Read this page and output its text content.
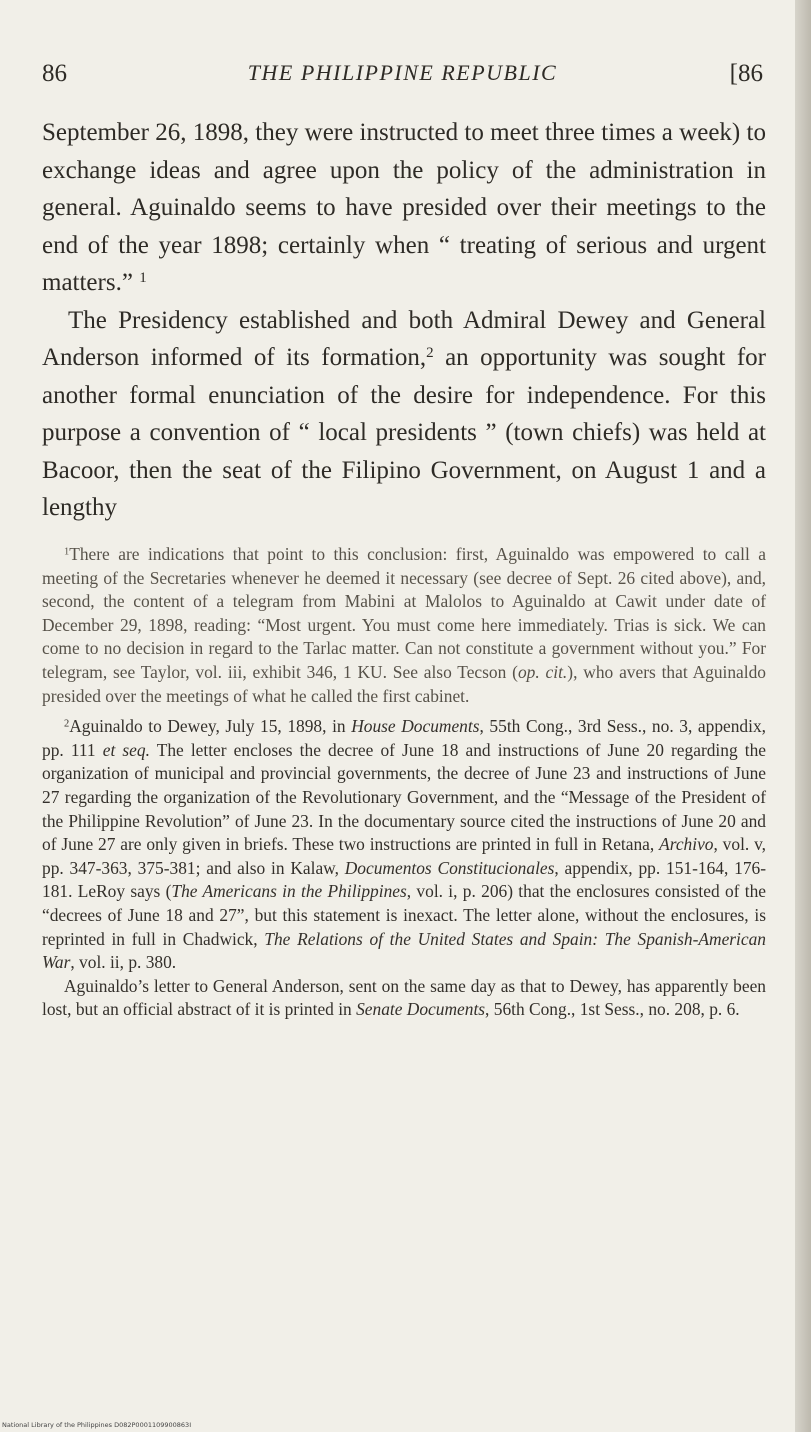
86	THE PHILIPPINE REPUBLIC	[86

September 26, 1898, they were instructed to meet three times a week) to exchange ideas and agree upon the policy of the administration in general. Aguinaldo seems to have presided over their meetings to the end of the year 1898; certainly when “ treating of serious and urgent matters.” $^1$

The Presidency established and both Admiral Dewey and General Anderson informed of its formation,$^2$ an opportunity was sought for another formal enunciation of the desire for independence. For this purpose a convention of “ local presidents ” (town chiefs) was held at Bacoor, then the seat of the Filipino Government, on August 1 and a lengthy

$^1$There are indications that point to this conclusion: first, Aguinaldo was empowered to call a meeting of the Secretaries whenever he deemed it necessary (see decree of Sept. 26 cited above), and, second, the content of a telegram from Mabini at Malolos to Aguinaldo at Cawit under date of December 29, 1898, reading: “Most urgent. You must come here immediately. Trias is sick. We can come to no decision in regard to the Tarlac matter. Can not constitute a government without you.” For telegram, see Taylor, vol. iii, exhibit 346, 1 KU. See also Tecson (op. cit.), who avers that Aguinaldo presided over the meetings of what he called the first cabinet.

$^2$Aguinaldo to Dewey, July 15, 1898, in House Documents, 55th Cong., 3rd Sess., no. 3, appendix, pp. 111 et seq. The letter encloses the decree of June 18 and instructions of June 20 regarding the organization of municipal and provincial governments, the decree of June 23 and instructions of June 27 regarding the organization of the Revolutionary Government, and the “Message of the President of the Philippine Revolution” of June 23. In the documentary source cited the instructions of June 20 and of June 27 are only given in briefs. These two instructions are printed in full in Retana, Archivo, vol. v, pp. 347-363, 375-381; and also in Kalaw, Documentos Constitucionales, appendix, pp. 151-164, 176-181. LeRoy says (The Americans in the Philippines, vol. i, p. 206) that the enclosures consisted of the “decrees of June 18 and 27”, but this statement is inexact. The letter alone, without the enclosures, is reprinted in full in Chadwick, The Relations of the United States and Spain: The Spanish-American War, vol. ii, p. 380.

Aguinaldo’s letter to General Anderson, sent on the same day as that to Dewey, has apparently been lost, but an official abstract of it is printed in Senate Documents, 56th Cong., 1st Sess., no. 208, p. 6.

National Library of the Philippines D082P0001109900863I
